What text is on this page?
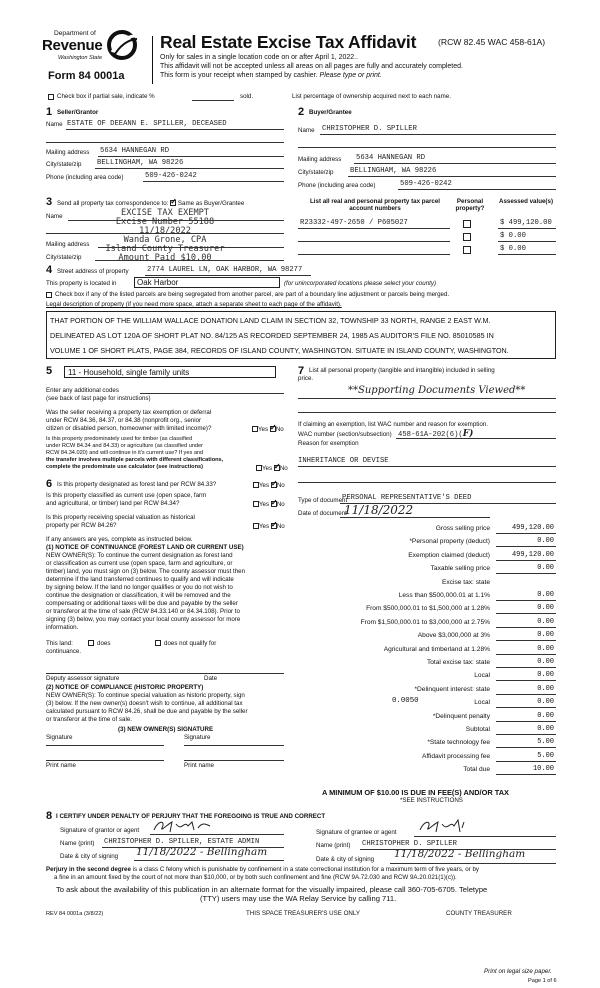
Department of
Revenue
Washington State
Form 84 0001a
Real Estate Excise Tax Affidavit	(RCW 82.45 WAC 458-61A)
Only for sales in a single location code on or after April 1, 2022..
This affidavit will not be accepted unless all areas on all pages are fully and accurately completed.
This form is your receipt when stamped by cashier. Please type or print.
Check box if partial sale, indicate %	sold.	List percentage of ownership acquired next to each name.
1 Seller/Grantor
Name ESTATE OF DEEANN E. SPILLER, DECEASED
Mailing address 5634 HANNEGAN RD
City/state/zip BELLINGHAM, WA 98226
Phone (including area code)	509-426-0242
2 Buyer/Grantee
Name CHRISTOPHER D. SPILLER
Mailing address 5634 HANNEGAN RD
City/state/zip BELLINGHAM, WA 98226
Phone (including area code)	509-426-0242
3 Send all property tax correspondence to: ✓ Same as Buyer/Grantee
Name
Mailing address
City/state/zip
EXCISE TAX EXEMPT
Excise Number 55188
11/18/2022
Wanda Grone, CPA
Island County Treasurer
Amount Paid $10.00
List all real and personal property tax parcel account numbers
Personal property?
Assessed value(s)
R23332-497-2650 / P605027	$ 499,120.00
$ 0.00
$ 0.00
4 Street address of property	2774 LAUREL LN, OAK HARBOR, WA 98277
This property is located in	Oak Harbor	(for unincorporated locations please select your county)
Check box if any of the listed parcels are being segregated from another parcel, are part of a boundary line adjustment or parcels being merged.
Legal description of property (if you need more space, attach a separate sheet to each page of the affidavit).
THAT PORTION OF THE WILLIAM WALLACE DONATION LAND CLAIM IN SECTION 32, TOWNSHIP 33 NORTH, RANGE 2 EAST W.M.
DELINEATED AS LOT 120A OF SHORT PLAT NO. 84/125 AS RECORDED SEPTEMBER 24, 1985 AS AUDITOR'S FILE NO. 85010585 IN
VOLUME 1 OF SHORT PLATS, PAGE 384, RECORDS OF ISLAND COUNTY, WASHINGTON. SITUATE IN ISLAND COUNTY, WASHINGTON.
5 11 - Household, single family units
Enter any additional codes
(see back of last page for instructions)
Was the seller receiving a property tax exemption or deferral
under RCW 84.36, 84.37, or 84.38 (nonprofit org., senior
citizen or disabled person, homeowner with limited income)?	Yes ✓ No
Is this property predominately used for timber (as classified
under RCW 84.34 and 84.33) or agriculture (as classified under
RCW 84.34.020) and will continue in it's current use? If yes and
the transfer involves multiple parcels with different classifications,
complete the predominate use calculator (see instructions)	Yes ✓ No
6 Is this property designated as forest land per RCW 84.33?	Yes ✓ No
Is this property classified as current use (open space, farm
and agricultural, or timber) land per RCW 84.34?	Yes ✓ No
Is this property receiving special valuation as historical
property per RCW 84.26?	Yes ✓ No
If any answers are yes, complete as instructed below.
(1) NOTICE OF CONTINUANCE (FOREST LAND OR CURRENT USE)
NEW OWNER(S): To continue the current designation as forest land
or classification as current use (open space, farm and agriculture, or
timber) land, you must sign on (3) below. The county assessor must then
determine if the land transferred continues to qualify and will indicate
by signing below. If the land no longer qualifies or you do not wish to
continue the designation or classification, it will be removed and the
compensating or additional taxes will be due and payable by the seller
or transferor at the time of sale (RCW 84.33.140 or 84.34.108). Prior to
signing (3) below, you may contact your local county assessor for more
information.
This land:	does	does not qualify for
continuance.
Deputy assessor signature	Date
(2) NOTICE OF COMPLIANCE (HISTORIC PROPERTY)
NEW OWNER(S): To continue special valuation as historic property, sign
(3) below. If the new owner(s) doesn't wish to continue, all additional tax
calculated pursuant to RCW 84.26, shall be due and payable by the seller
or transferor at the time of sale.
(3) NEW OWNER(S) SIGNATURE
Signature	Signature
Print name	Print name
7 List all personal property (tangible and intangible) included in selling
price.
**Supporting Documents Viewed**
If claiming an exemption, list WAC number and reason for exemption.
WAC number (section/subsection) 458-61A-202(6)(F)
Reason for exemption
INHERITANCE OR DEVISE
Type of document
PERSONAL REPRESENTATIVE'S DEED
Date of document
11/18/2022
Gross selling price	499,120.00
*Personal property (deduct)	0.00
Exemption claimed (deduct)	499,120.00
Taxable selling price	0.00
Excise tax: state
Less than $500,000.01 at 1.1%	0.00
From $500,000.01 to $1,500,000 at 1.28%	0.00
From $1,500,000.01 to $3,000,000 at 2.75%	0.00
Above $3,000,000 at 3%	0.00
Agricultural and timberland at 1.28%	0.00
Total excise tax: state	0.00
Local	0.00
*Delinquent interest: state	0.00
Local	0.00
*Delinquent penalty	0.00
Subtotal	0.00
*State technology fee	5.00
Affidavit processing fee	5.00
Total due	10.00
0.0050
A MINIMUM OF $10.00 IS DUE IN FEE(S) AND/OR TAX
*SEE INSTRUCTIONS
8 I CERTIFY UNDER PENALTY OF PERJURY THAT THE FOREGOING IS TRUE AND CORRECT
Signature of grantor or agent
Name (print) CHRISTOPHER D. SPILLER, ESTATE ADMIN
Date & city of signing 11/18/2022 - Bellingham
Signature of grantee or agent
Name (print) CHRISTOPHER D. SPILLER
Date & city of signing 11/18/2022 - Bellingham
Perjury in the second degree is a class C felony which is punishable by confinement in a state correctional institution for a maximum term of five years, or by
a fine in an amount fixed by the court of not more than $10,000, or by both such confinement and fine (RCW 9A.72.030 and RCW 9A.20.021(1)(c)).
To ask about the availability of this publication in an alternate format for the visually impaired, please call 360-705-6705. Teletype
(TTY) users may use the WA Relay Service by calling 711.
REV 84 0001a (3/8/22)	THIS SPACE TREASURER'S USE ONLY	COUNTY TREASURER
Print on legal size paper.
Page 1 of 6
